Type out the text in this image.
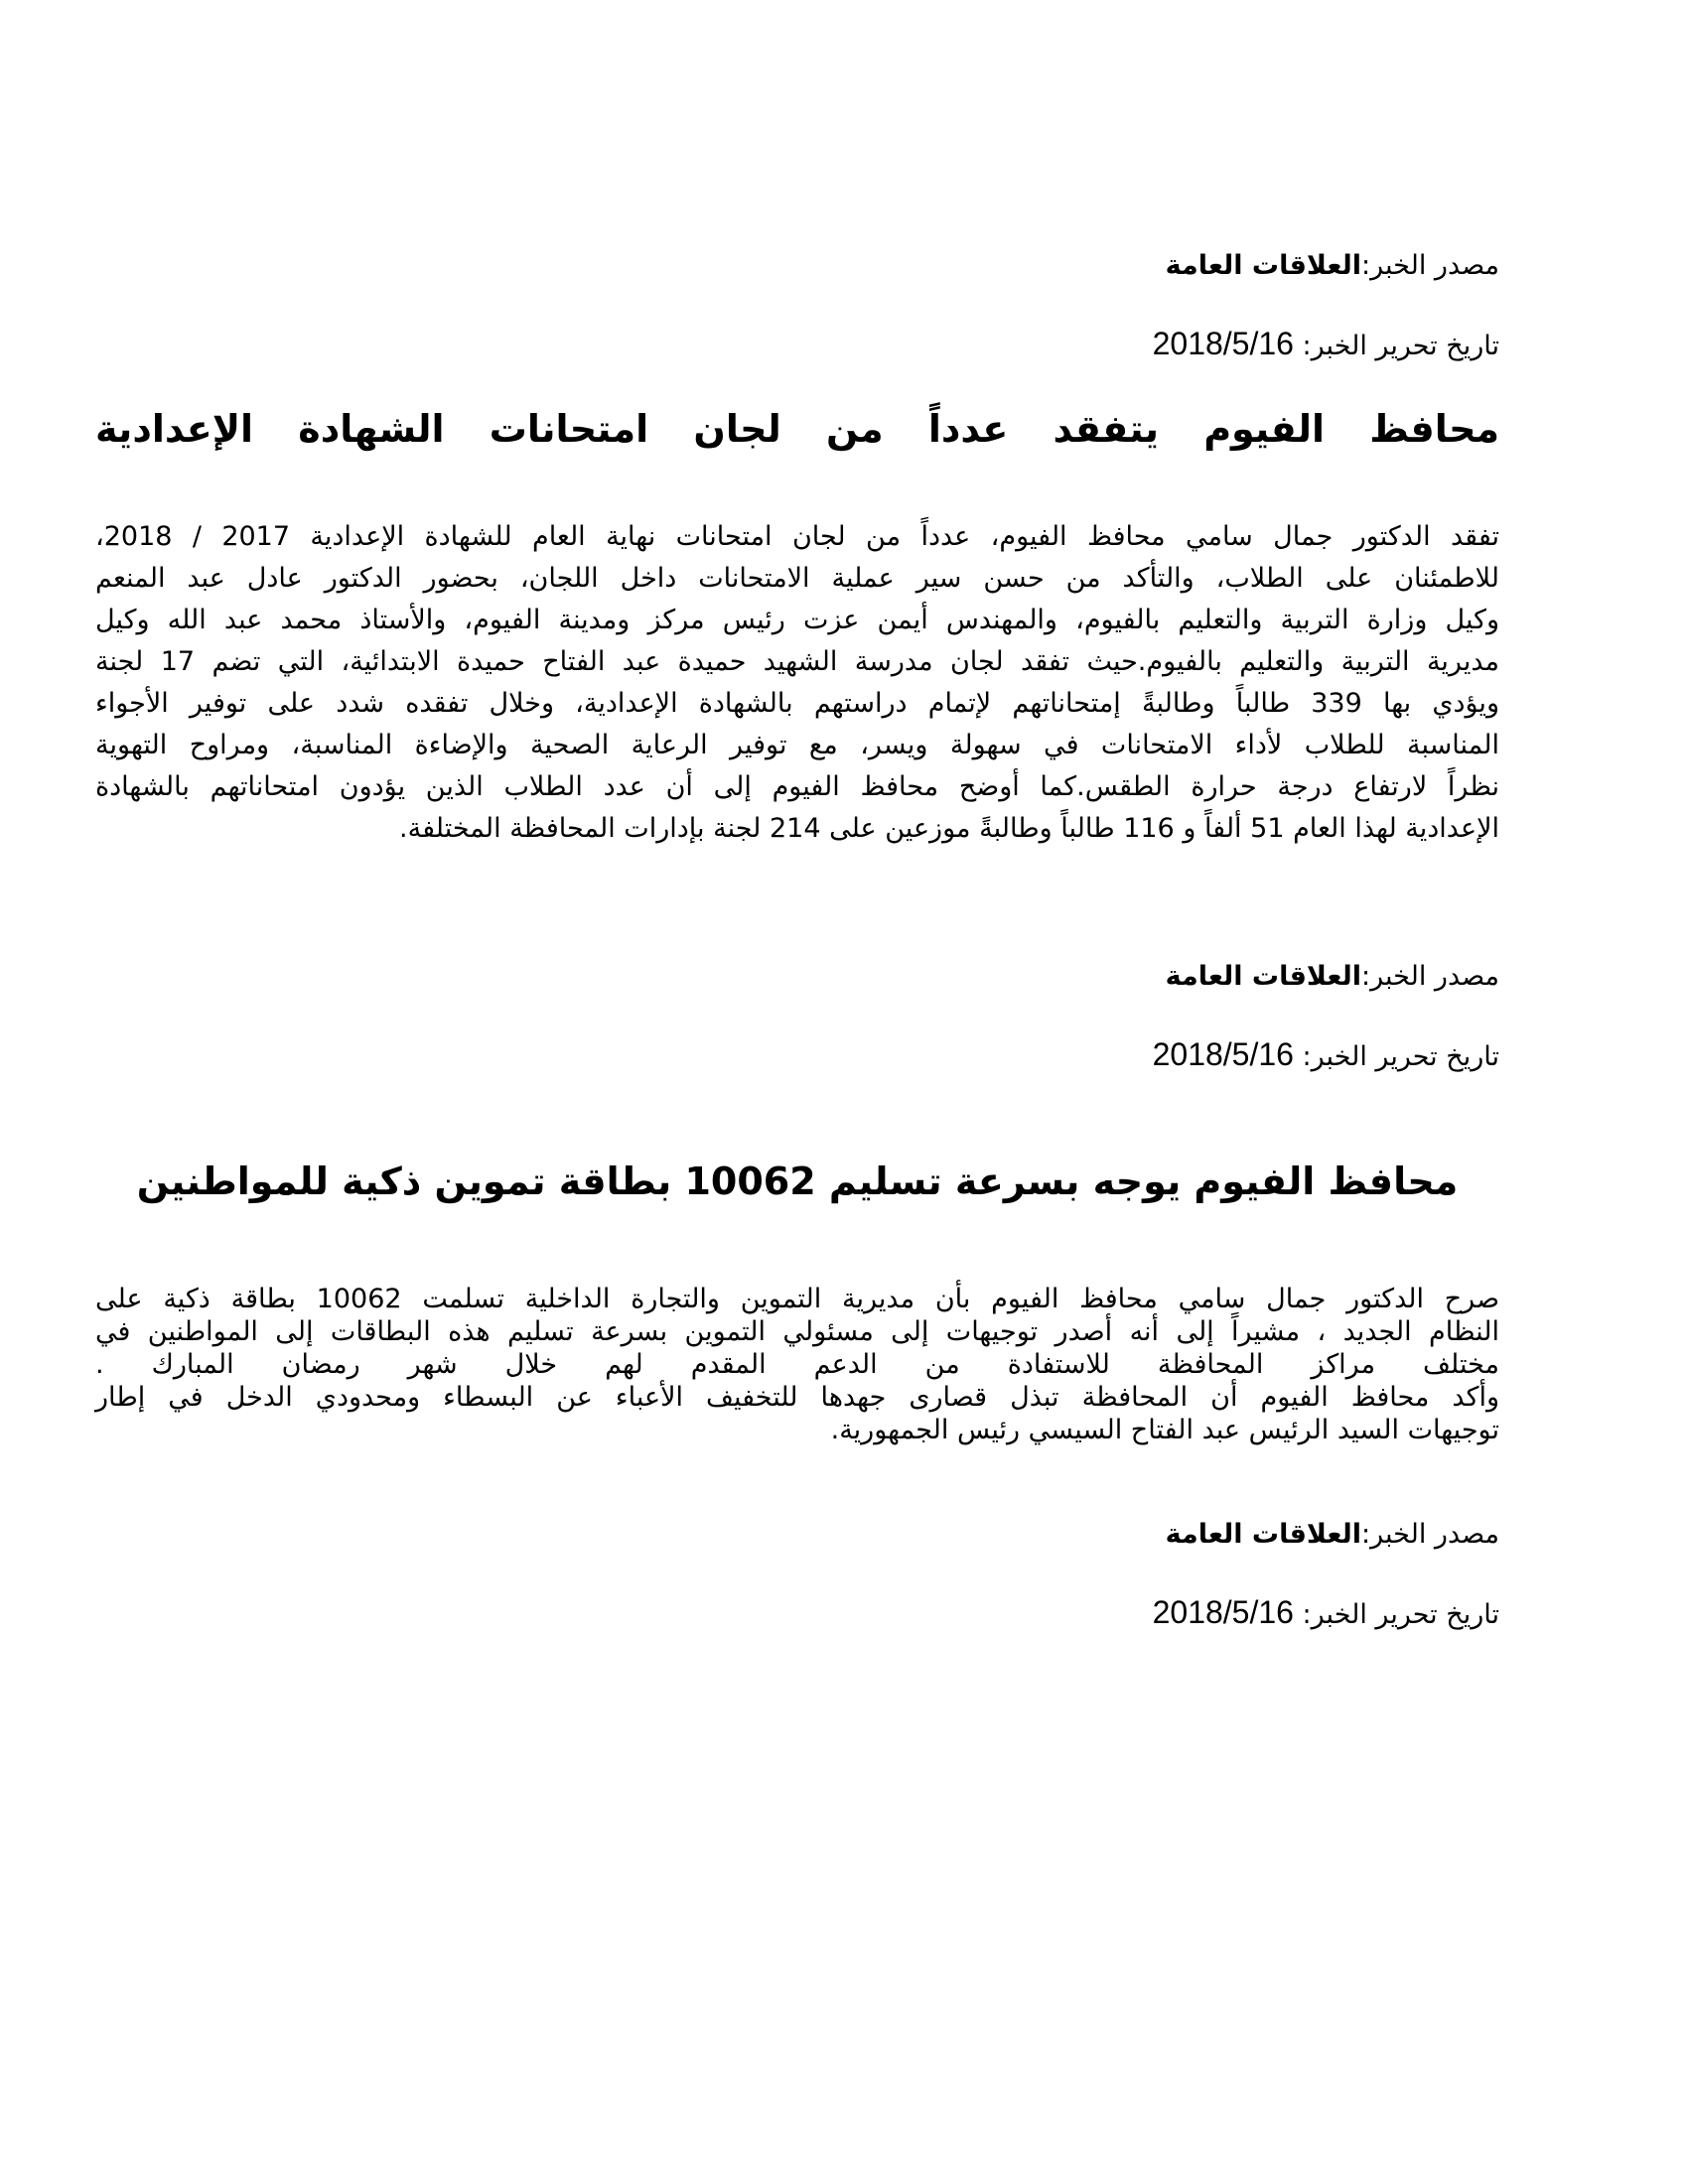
مصدر الخبر:العلاقات العامة
تاريخ تحرير الخبر: 2018/5/16
محافظ الفيوم يتفقد عدداً من لجان امتحانات الشهادة الإعدادية
تفقد الدكتور جمال سامي محافظ الفيوم، عدداً من لجان امتحانات نهاية العام للشهادة الإعدادية 2017 / 2018،
للاطمئنان على الطلاب، والتأكد من حسن سير عملية الامتحانات داخل اللجان، بحضور الدكتور عادل عبد المنعم
وكيل وزارة التربية والتعليم بالفيوم، والمهندس أيمن عزت رئيس مركز ومدينة الفيوم، والأستاذ محمد عبد الله وكيل
مديرية التربية والتعليم بالفيوم.حيث تفقد لجان مدرسة الشهيد حميدة عبد الفتاح حميدة الابتدائية، التي تضم 17 لجنة
ويؤدي بها 339 طالباً وطالبةً إمتحاناتهم لإتمام دراستهم بالشهادة الإعدادية، وخلال تفقده شدد على توفير الأجواء
المناسبة للطلاب لأداء الامتحانات في سهولة ويسر، مع توفير الرعاية الصحية والإضاءة المناسبة، ومراوح التهوية
نظراً لارتفاع درجة حرارة الطقس.كما أوضح محافظ الفيوم إلى أن عدد الطلاب الذين يؤدون امتحاناتهم بالشهادة
الإعدادية لهذا العام 51 ألفاً و 116 طالباً وطالبةً موزعين على 214 لجنة بإدارات المحافظة المختلفة.
مصدر الخبر:العلاقات العامة
تاريخ تحرير الخبر: 2018/5/16
محافظ الفيوم يوجه بسرعة تسليم 10062 بطاقة تموين ذكية للمواطنين
صرح الدكتور جمال سامي محافظ الفيوم بأن مديرية التموين والتجارة الداخلية تسلمت 10062 بطاقة ذكية على
النظام الجديد ، مشيراً إلى أنه أصدر توجيهات إلى مسئولي التموين بسرعة تسليم هذه البطاقات إلى المواطنين في
مختلف مراكز المحافظة للاستفادة من الدعم المقدم لهم خلال شهر رمضان المبارك .
وأكد محافظ الفيوم أن المحافظة تبذل قصارى جهدها للتخفيف الأعباء عن البسطاء ومحدودي الدخل في إطار
توجيهات السيد الرئيس عبد الفتاح السيسي رئيس الجمهورية.
مصدر الخبر:العلاقات العامة
تاريخ تحرير الخبر: 2018/5/16
